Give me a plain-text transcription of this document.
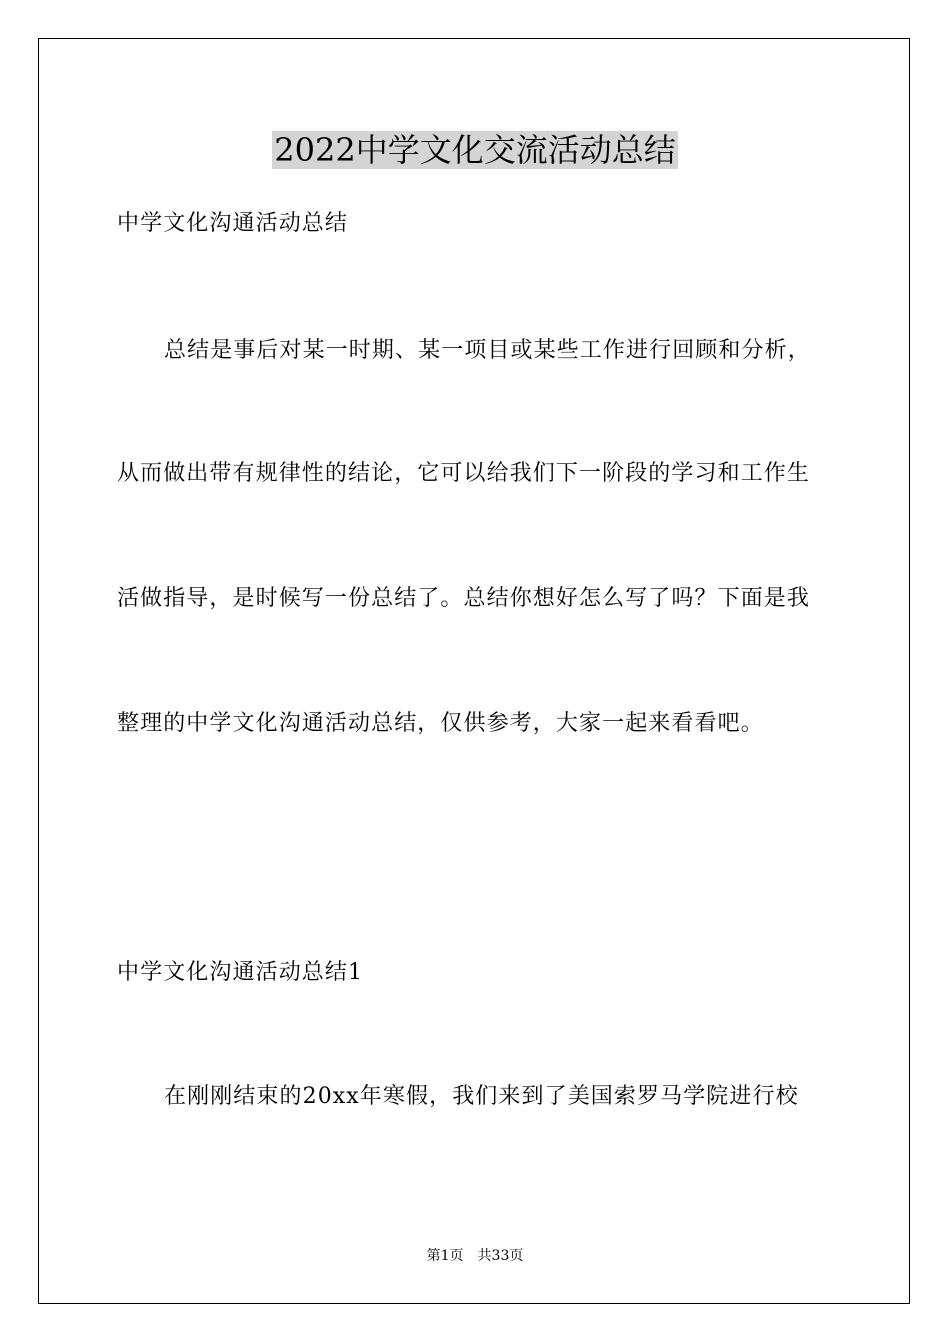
2022中学文化交流活动总结
中学文化沟通活动总结
总结是事后对某一时期、某一项目或某些工作进行回顾和分析，
从而做出带有规律性的结论，它可以给我们下一阶段的学习和工作生
活做指导，是时候写一份总结了。总结你想好怎么写了吗？下面是我
整理的中学文化沟通活动总结，仅供参考，大家一起来看看吧。
中学文化沟通活动总结1
在刚刚结束的20xx年寒假，我们来到了美国索罗马学院进行校
第1页 共33页
